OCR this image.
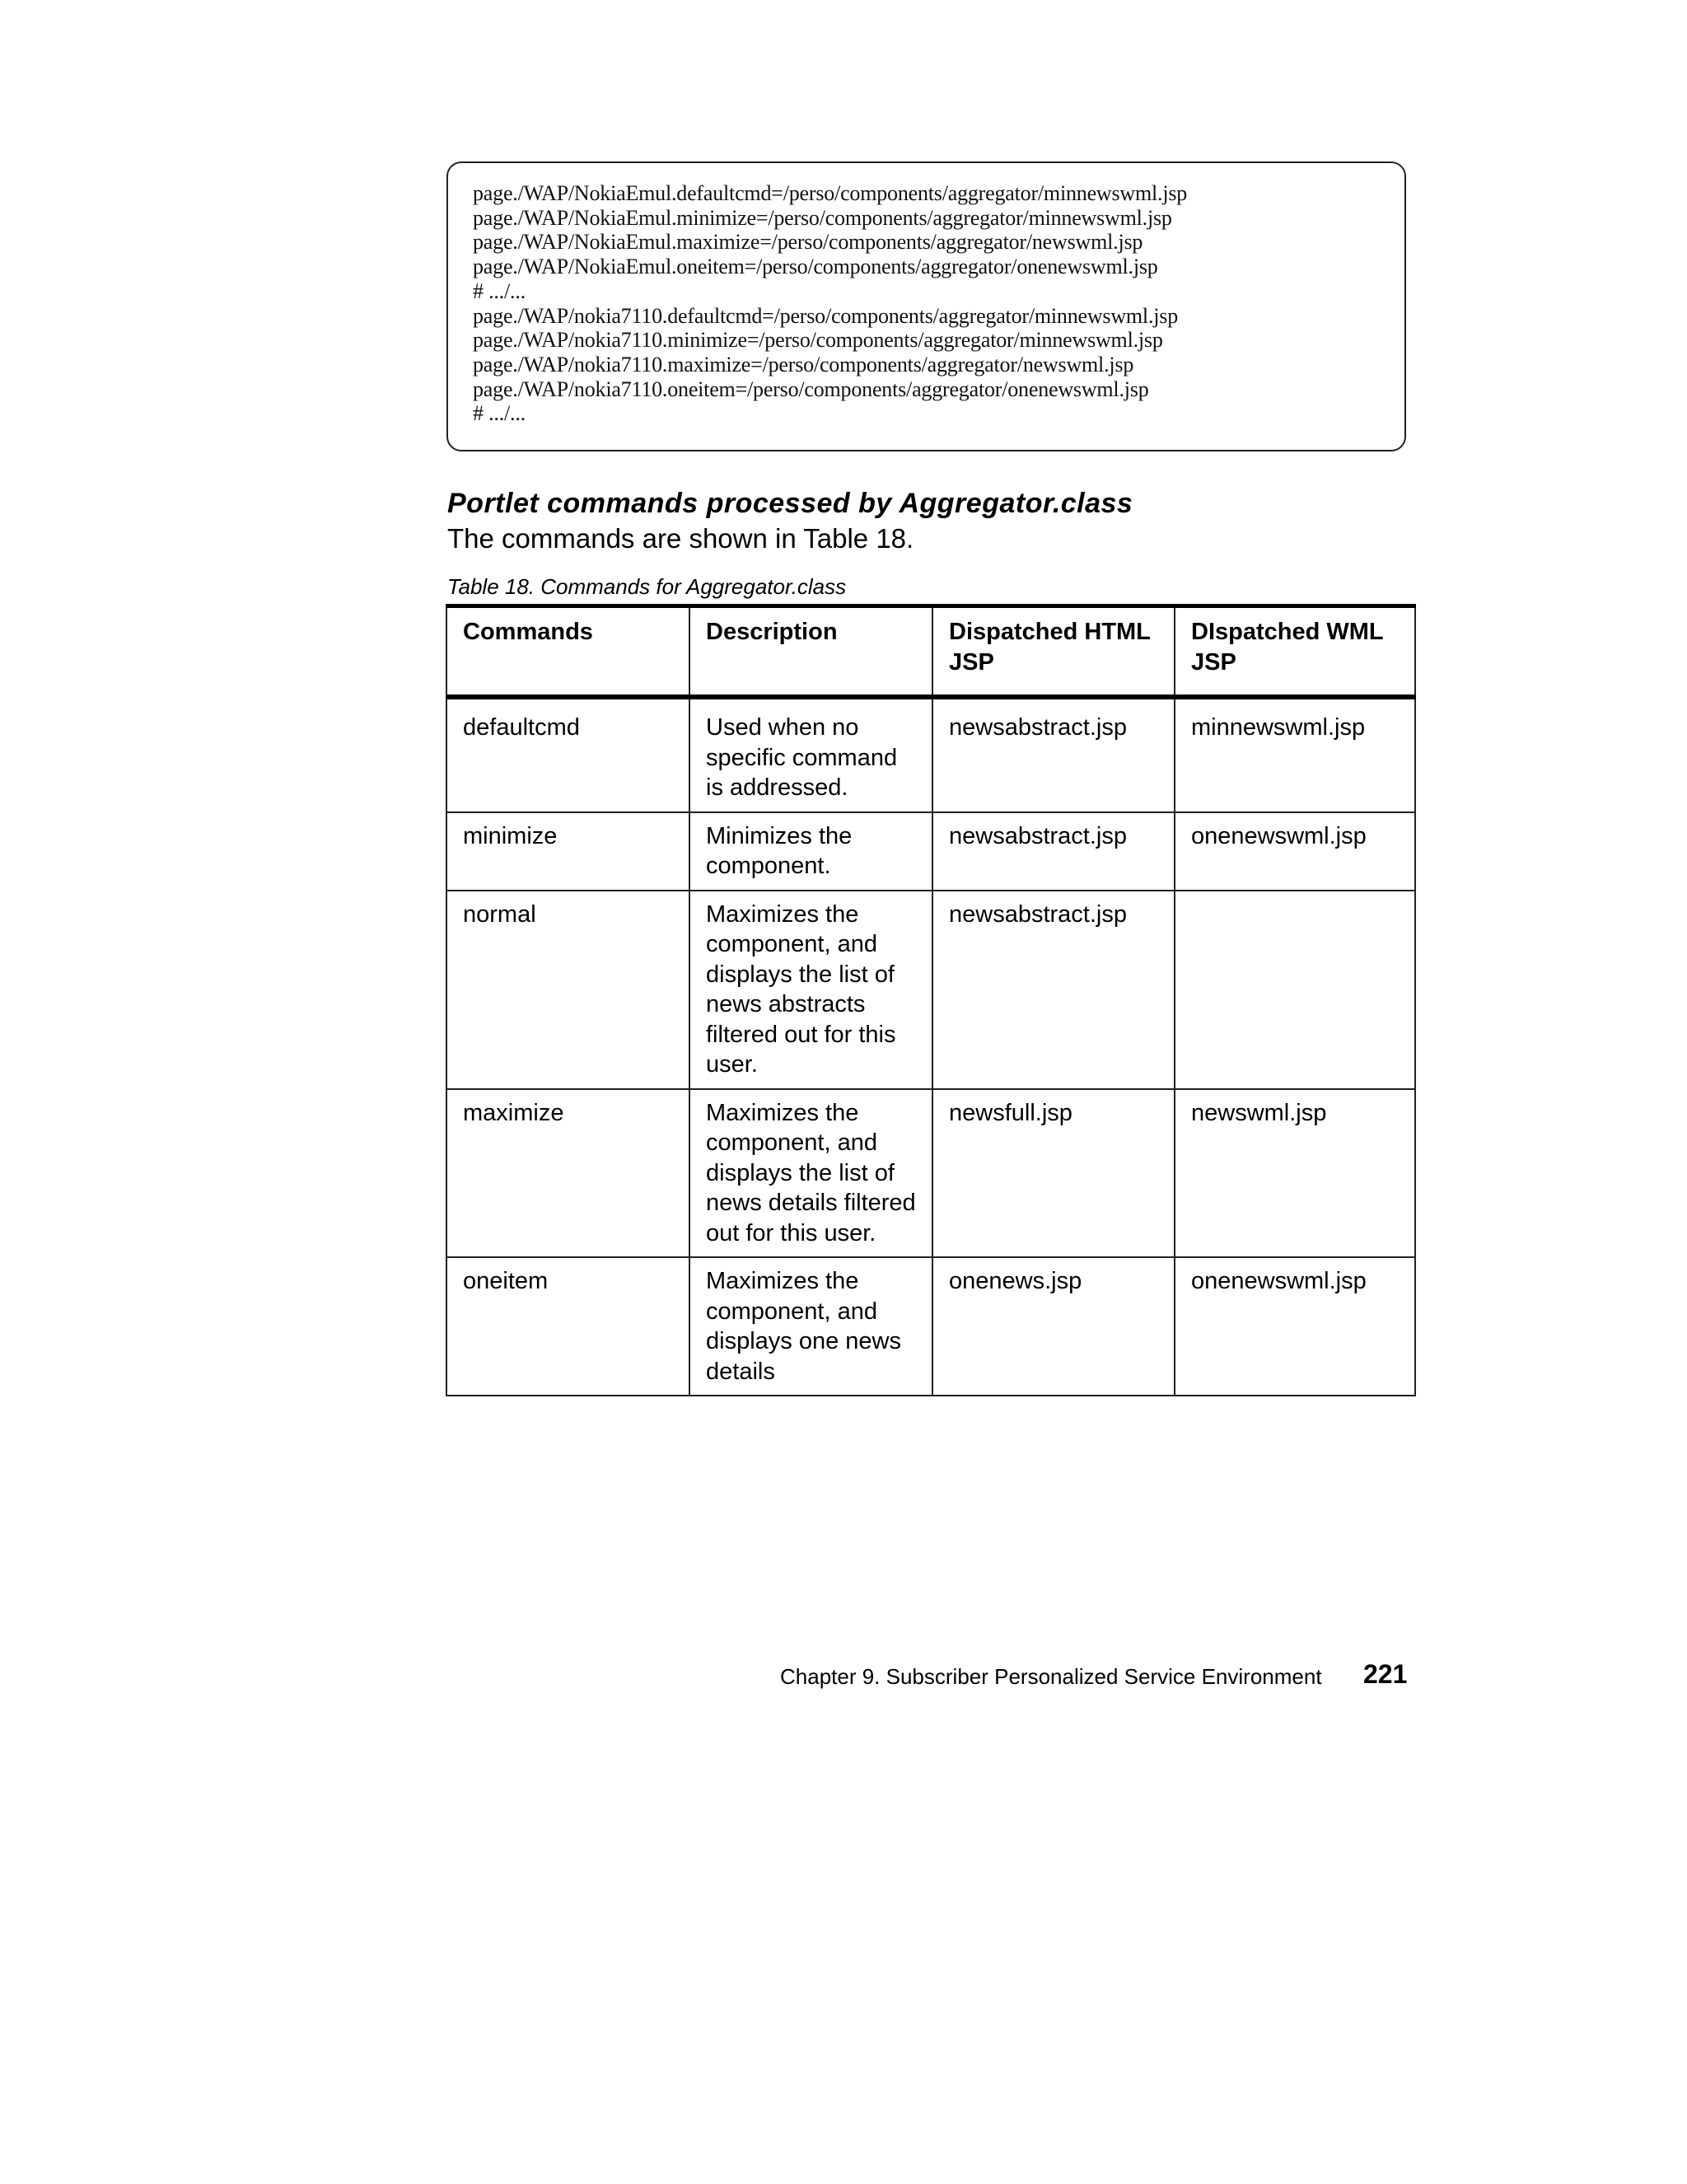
page./WAP/NokiaEmul.defaultcmd=/perso/components/aggregator/minnewswml.jsp
page./WAP/NokiaEmul.minimize=/perso/components/aggregator/minnewswml.jsp
page./WAP/NokiaEmul.maximize=/perso/components/aggregator/newswml.jsp
page./WAP/NokiaEmul.oneitem=/perso/components/aggregator/onenewswml.jsp
# .../...
page./WAP/nokia7110.defaultcmd=/perso/components/aggregator/minnewswml.jsp
page./WAP/nokia7110.minimize=/perso/components/aggregator/minnewswml.jsp
page./WAP/nokia7110.maximize=/perso/components/aggregator/newswml.jsp
page./WAP/nokia7110.oneitem=/perso/components/aggregator/onenewswml.jsp
# .../...
Portlet commands processed by Aggregator.class

The commands are shown in Table 18.

Table 18. Commands for Aggregator.class

Commands	Description	Dispatched HTML JSP	DIspatched WML JSP
defaultcmd	Used when no specific command is addressed.	newsabstract.jsp	minnewswml.jsp
minimize	Minimizes the component.	newsabstract.jsp	onenewswml.jsp
normal	Maximizes the component, and displays the list of news abstracts filtered out for this user.	newsabstract.jsp	
maximize	Maximizes the component, and displays the list of news details filtered out for this user.	newsfull.jsp	newswml.jsp
oneitem	Maximizes the component, and displays one news details	onenews.jsp	onenewswml.jsp
Chapter 9. Subscriber Personalized Service Environment 221
